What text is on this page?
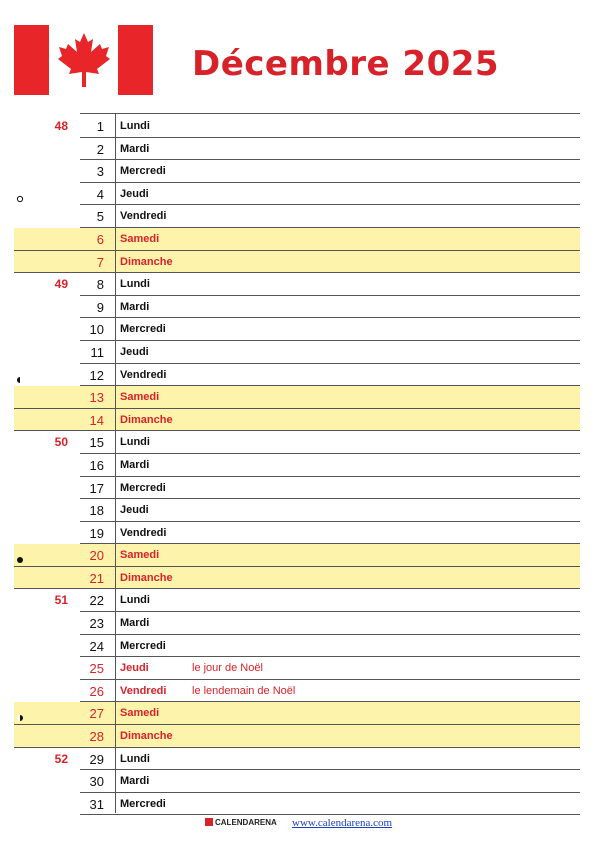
Décembre 2025
48	1 Lundi
2 Mardi
3 Mercredi
4 Jeudi
5 Vendredi
6 Samedi
7 Dimanche
49	8 Lundi
9 Mardi
10 Mercredi
11 Jeudi
12 Vendredi
13 Samedi
14 Dimanche
50	15 Lundi
16 Mardi
17 Mercredi
18 Jeudi
19 Vendredi
20 Samedi
21 Dimanche
51	22 Lundi
23 Mardi
24 Mercredi
25 Jeudi	le jour de Noël
26 Vendredi le lendemain de Noël
27 Samedi
28 Dimanche
52	29 Lundi
30 Mardi
31 Mercredi
CALENDARENA www.calendarena.com
